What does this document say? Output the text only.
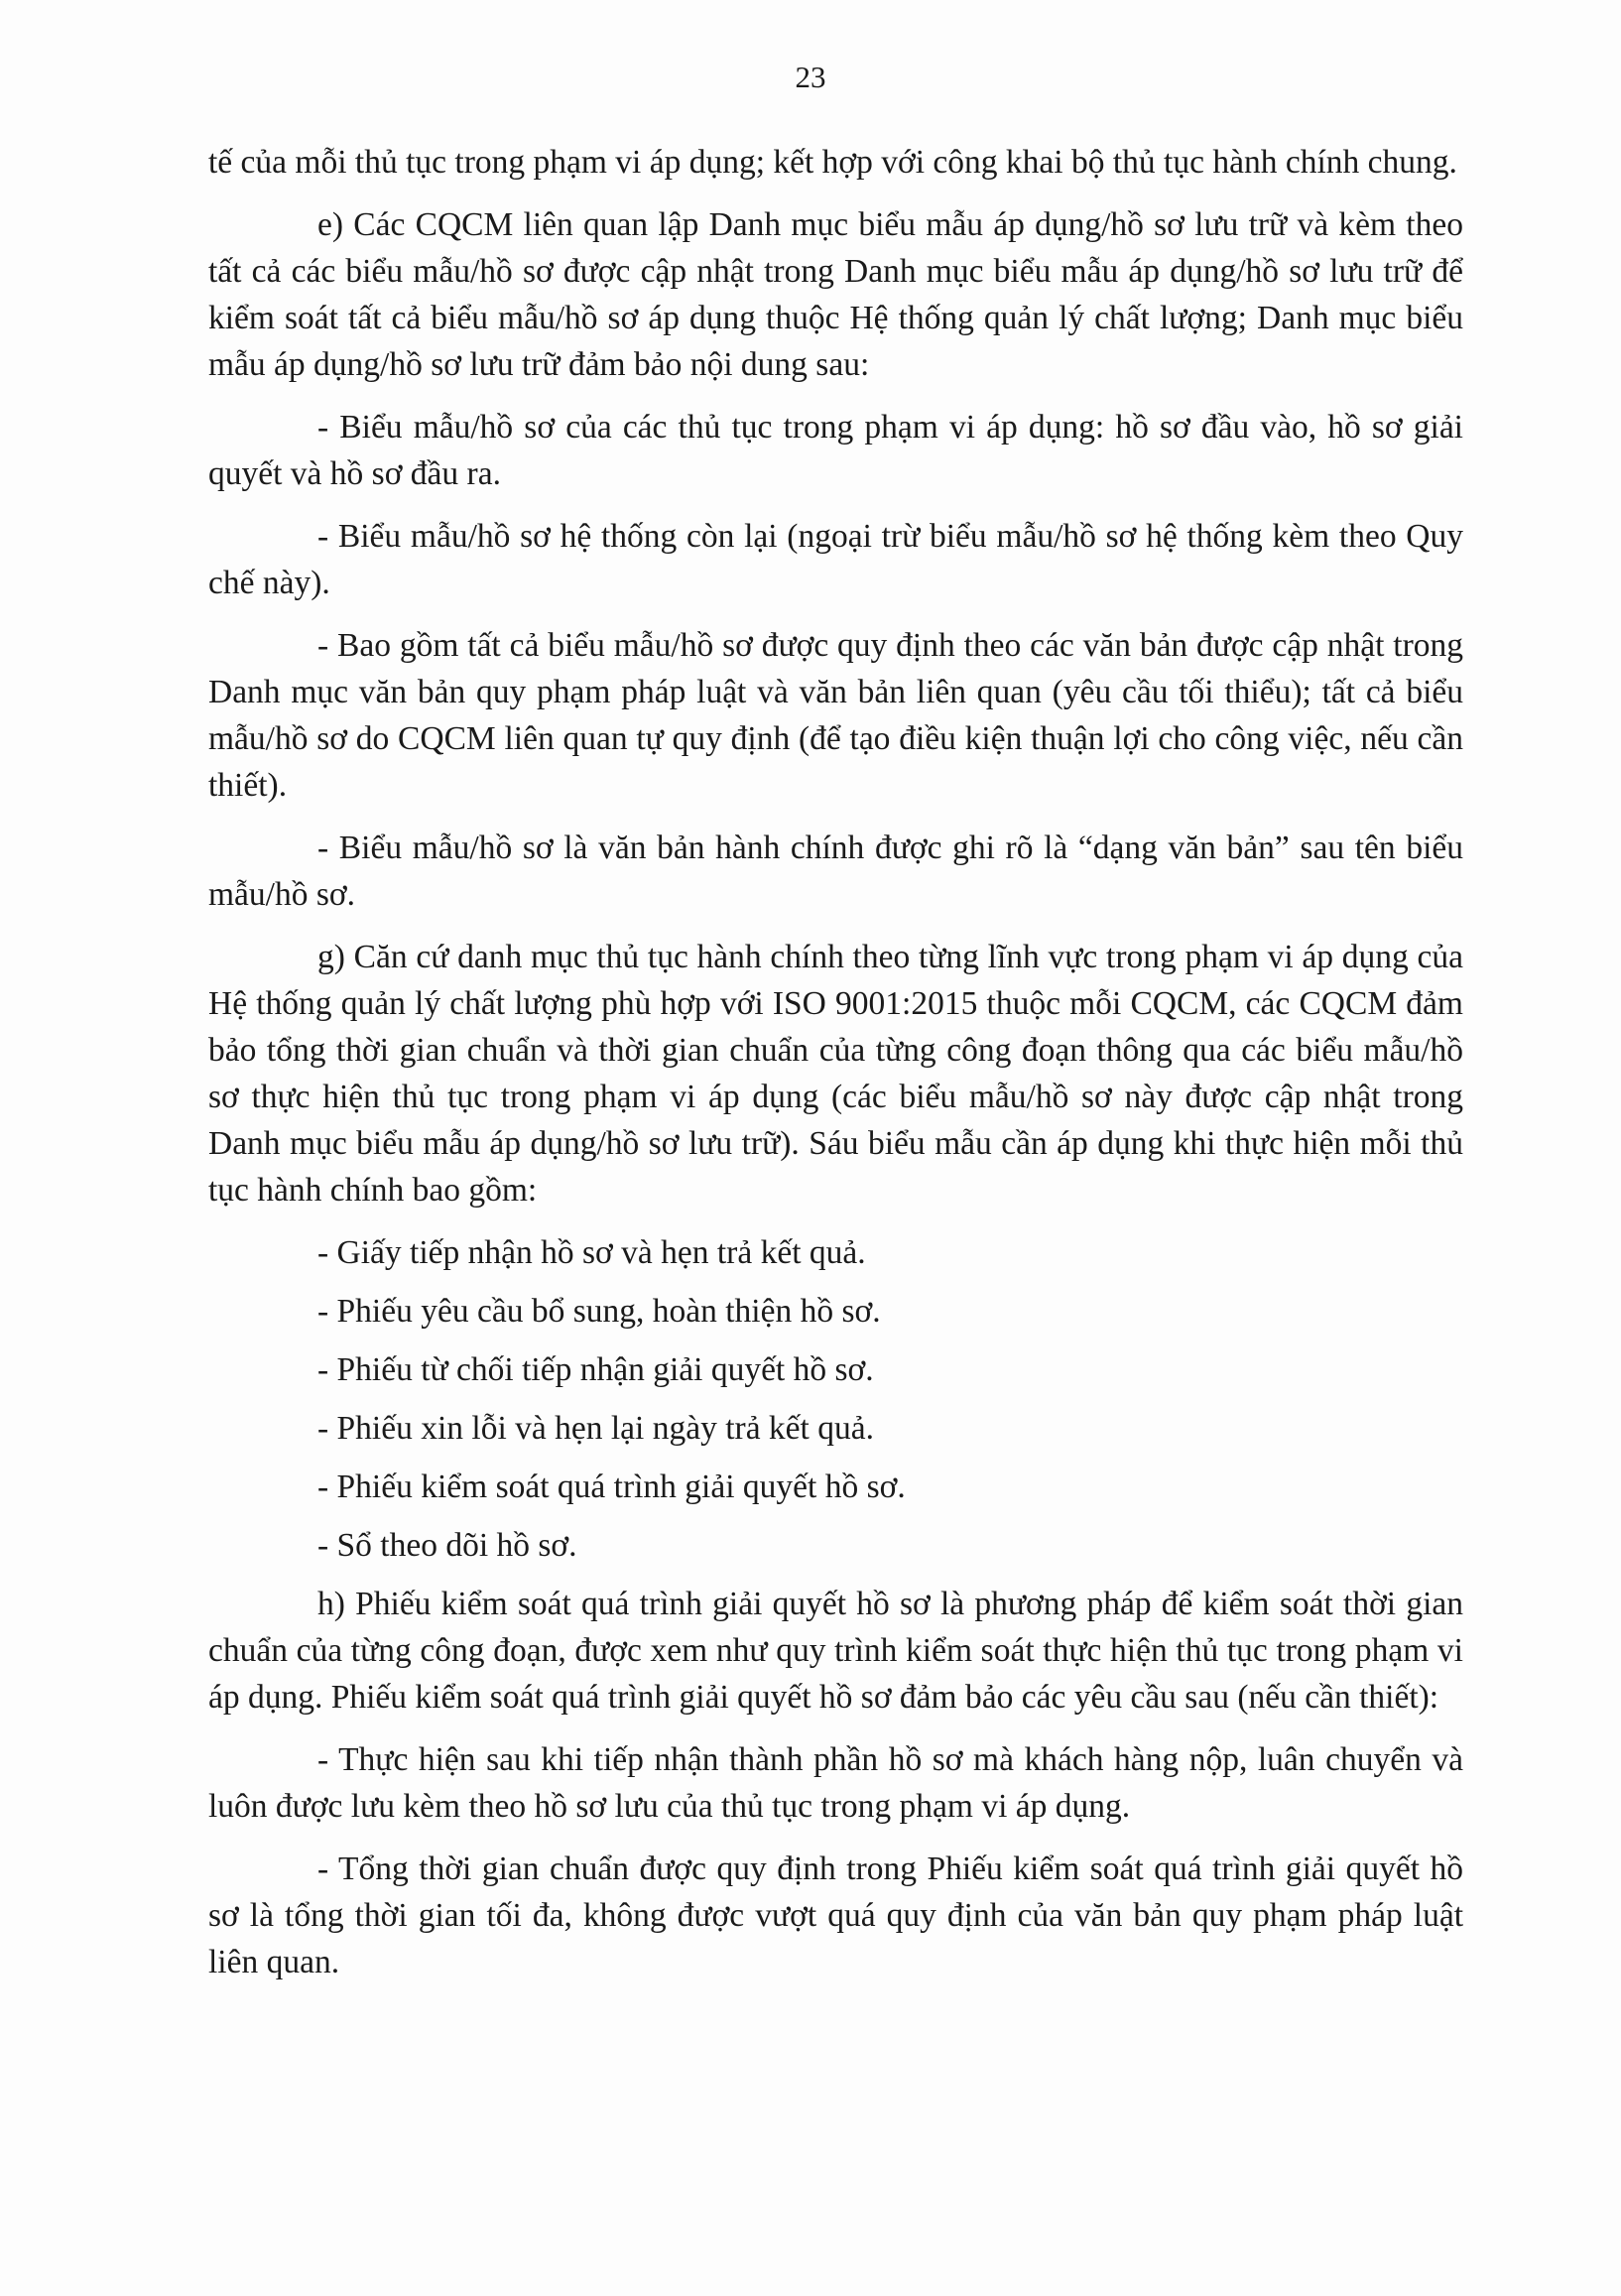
23

tế của mỗi thủ tục trong phạm vi áp dụng; kết hợp với công khai bộ thủ tục hành chính chung.

e) Các CQCM liên quan lập Danh mục biểu mẫu áp dụng/hồ sơ lưu trữ và kèm theo tất cả các biểu mẫu/hồ sơ được cập nhật trong Danh mục biểu mẫu áp dụng/hồ sơ lưu trữ để kiểm soát tất cả biểu mẫu/hồ sơ áp dụng thuộc Hệ thống quản lý chất lượng; Danh mục biểu mẫu áp dụng/hồ sơ lưu trữ đảm bảo nội dung sau:

- Biểu mẫu/hồ sơ của các thủ tục trong phạm vi áp dụng: hồ sơ đầu vào, hồ sơ giải quyết và hồ sơ đầu ra.

- Biểu mẫu/hồ sơ hệ thống còn lại (ngoại trừ biểu mẫu/hồ sơ hệ thống kèm theo Quy chế này).

- Bao gồm tất cả biểu mẫu/hồ sơ được quy định theo các văn bản được cập nhật trong Danh mục văn bản quy phạm pháp luật và văn bản liên quan (yêu cầu tối thiểu); tất cả biểu mẫu/hồ sơ do CQCM liên quan tự quy định (để tạo điều kiện thuận lợi cho công việc, nếu cần thiết).

- Biểu mẫu/hồ sơ là văn bản hành chính được ghi rõ là “dạng văn bản” sau tên biểu mẫu/hồ sơ.

g) Căn cứ danh mục thủ tục hành chính theo từng lĩnh vực trong phạm vi áp dụng của Hệ thống quản lý chất lượng phù hợp với ISO 9001:2015 thuộc mỗi CQCM, các CQCM đảm bảo tổng thời gian chuẩn và thời gian chuẩn của từng công đoạn thông qua các biểu mẫu/hồ sơ thực hiện thủ tục trong phạm vi áp dụng (các biểu mẫu/hồ sơ này được cập nhật trong Danh mục biểu mẫu áp dụng/hồ sơ lưu trữ). Sáu biểu mẫu cần áp dụng khi thực hiện mỗi thủ tục hành chính bao gồm:

- Giấy tiếp nhận hồ sơ và hẹn trả kết quả.

- Phiếu yêu cầu bổ sung, hoàn thiện hồ sơ.

- Phiếu từ chối tiếp nhận giải quyết hồ sơ.

- Phiếu xin lỗi và hẹn lại ngày trả kết quả.

- Phiếu kiểm soát quá trình giải quyết hồ sơ.

- Sổ theo dõi hồ sơ.

h) Phiếu kiểm soát quá trình giải quyết hồ sơ là phương pháp để kiểm soát thời gian chuẩn của từng công đoạn, được xem như quy trình kiểm soát thực hiện thủ tục trong phạm vi áp dụng. Phiếu kiểm soát quá trình giải quyết hồ sơ đảm bảo các yêu cầu sau (nếu cần thiết):

- Thực hiện sau khi tiếp nhận thành phần hồ sơ mà khách hàng nộp, luân chuyển và luôn được lưu kèm theo hồ sơ lưu của thủ tục trong phạm vi áp dụng.

- Tổng thời gian chuẩn được quy định trong Phiếu kiểm soát quá trình giải quyết hồ sơ là tổng thời gian tối đa, không được vượt quá quy định của văn bản quy phạm pháp luật liên quan.
